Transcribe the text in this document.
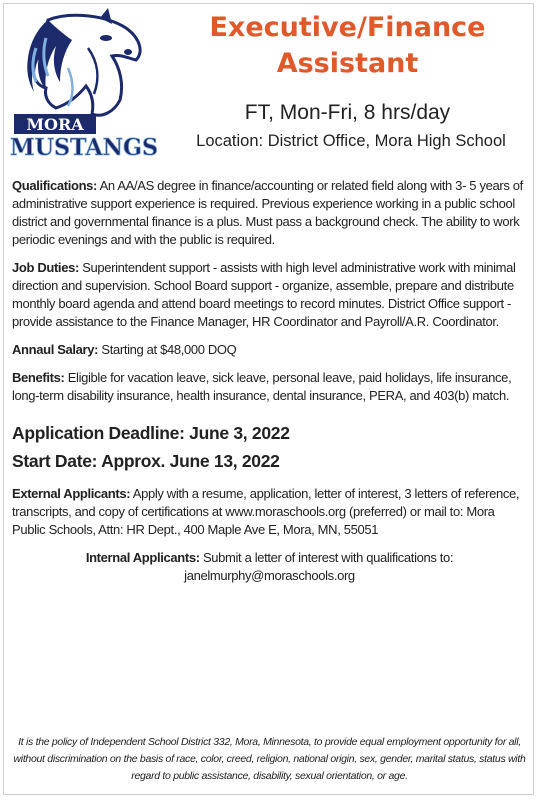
MORA
MUSTANGS
Executive/Finance
Assistant
FT, Mon-Fri, 8 hrs/day
Location: District Office, Mora High School

Qualifications: An AA/AS degree in finance/accounting or related field along with 3- 5 years of administrative support experience is required. Previous experience working in a public school district and governmental finance is a plus. Must pass a background check. The ability to work periodic evenings and with the public is required.

Job Duties: Superintendent support - assists with high level administrative work with minimal direction and supervision. School Board support - organize, assemble, prepare and distribute monthly board agenda and attend board meetings to record minutes. District Office support - provide assistance to the Finance Manager, HR Coordinator and Payroll/A.R. Coordinator.

Annaul Salary: Starting at $48,000 DOQ

Benefits: Eligible for vacation leave, sick leave, personal leave, paid holidays, life insurance, long-term disability insurance, health insurance, dental insurance, PERA, and 403(b) match.

Application Deadline: June 3, 2022

Start Date: Approx. June 13, 2022

External Applicants: Apply with a resume, application, letter of interest, 3 letters of reference, transcripts, and copy of certifications at www.moraschools.org (preferred) or mail to: Mora Public Schools, Attn: HR Dept., 400 Maple Ave E, Mora, MN, 55051

Internal Applicants: Submit a letter of interest with qualifications to:
janelmurphy@moraschools.org

It is the policy of Independent School District 332, Mora, Minnesota, to provide equal employment opportunity for all, without discrimination on the basis of race, color, creed, religion, national origin, sex, gender, marital status, status with regard to public assistance, disability, sexual orientation, or age.
